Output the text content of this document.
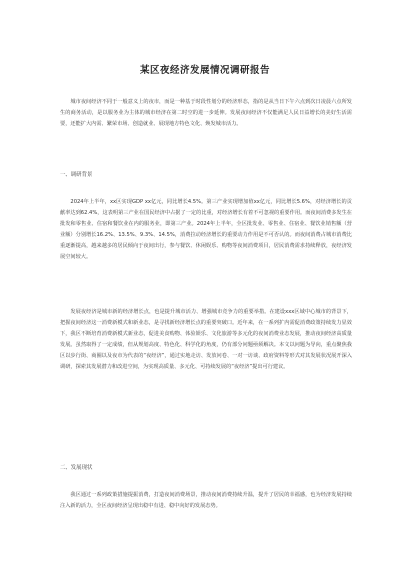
某区夜经济发展情况调研报告

城市夜间经济不同于一般意义上的夜市，而是一种基于时段性划分的经济形态，指的是从当日下午六点到次日凌晨六点所发生的商务活动，是以服务业为主体的城市经济在第二时空的进一步延伸。发展夜间经济不仅能满足人民日益增长的美好生活需要，还能扩大内需、繁荣市场、创造就业、展现地方特色文化、焕发城市活力。

一、调研背景

2024年上半年，xx区实现GDP xx亿元，同比增长4.5%。第三产业实现增加值xx亿元，同比增长5.6%，对经济增长的贡献率达到62.4%，这表明第三产业在国民经济中占据了一定的比重，对经济增长有着不可忽视的重要作用。而夜间消费多发生在批发和零售业、住宿和餐饮业在内的服务业，即第三产业。2024年上半年，全区批发业、零售业、住宿业、餐饮业销售额（营业额）分别增长16.2%、13.5%、9.3%、14.5%，消费拉动经济增长的重要动力作用是不可否认的。而夜间消费占城市消费比重逐渐提高，越来越多的居民倾向于夜间出行，参与餐饮、休闲娱乐、购物等夜间消费项目，居民消费需求持续释放，夜经济发展空间较大。

发展夜经济是城市新的经济增长点，也是提升城市活力、增强城市竞争力的重要举措。在建设xxx区域中心城市的背景下，把握夜间经济这一消费新模式和新业态，是寻找新经济增长点的重要突破口。近年来，在一系列扩内需促消费政策持续发力显效下，我区不断培育消费新模式新业态，促进美食购物、体验娱乐、文化旅游等多元化的夜间消费业态发展，推动夜间经济高质量发展。虽然取得了一定成绩，但从规划高度、特色化、科学化的角度，仍有部分问题亟须解决。本文以问题为导向，重点聚焦我区以步行街、商圈以及夜市为代表的“夜经济”，通过实地走访、发放问卷、一对一访谈、政府资料等形式对其发展状况展开深入调研，探索其发展潜力和改进空间，为实现高质量、多元化、可持续发展的“夜经济”提出可行建议。

二、发展现状

我区通过一系列政策措施提振消费，打造夜间消费场景，推动夜间消费持续升温，提升了居民的幸福感，也为经济发展持续注入新的活力，全区夜间经济呈现出稳中有进、稳中向好的发展态势。
